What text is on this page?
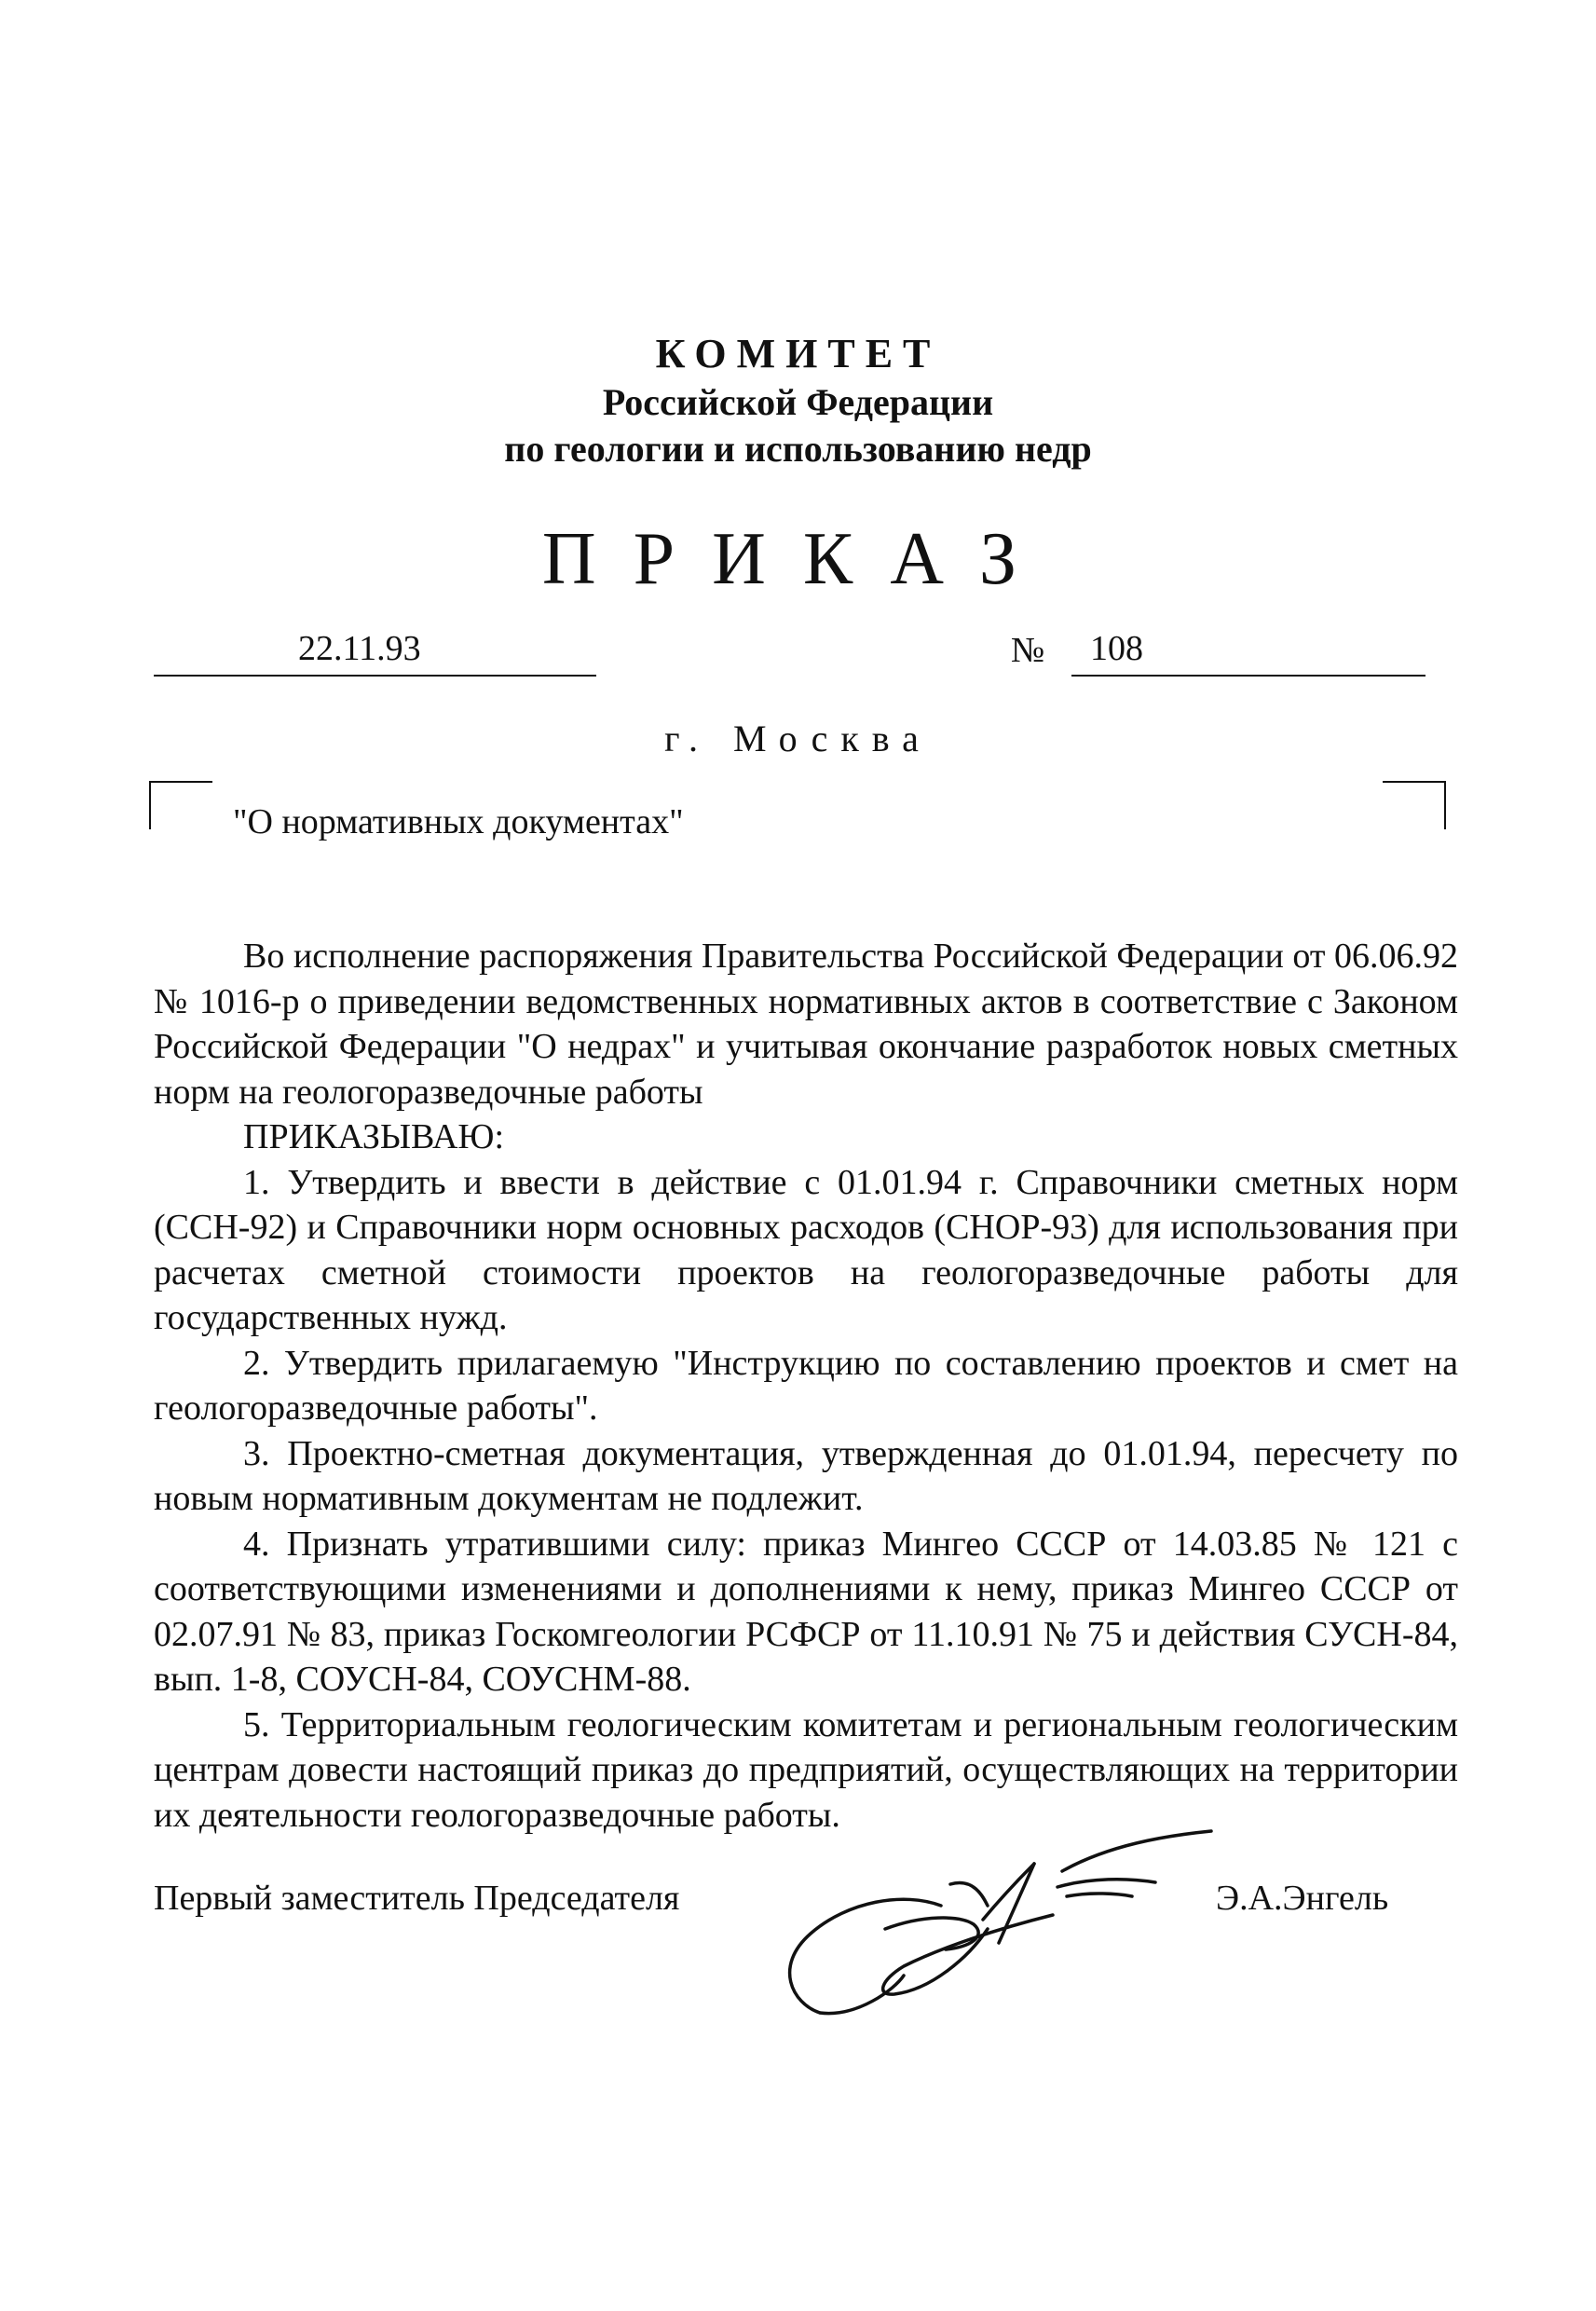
КОМИТЕТ
Российской Федерации
по геологии и использованию недр
ПРИКАЗ
22.11.93	№ 108
г. Москва
"О нормативных документах"

Во исполнение распоряжения Правительства Российской Федерации от 06.06.92 № 1016-р о приведении ведомственных нормативных актов в соответствие с Законом Российской Федерации "О недрах" и учитывая окончание разработок новых сметных норм на геологоразведочные работы

ПРИКАЗЫВАЮ:

1. Утвердить и ввести в действие с 01.01.94 г. Справочники сметных норм (ССН-92) и Справочники норм основных расходов (СНОР-93) для использования при расчетах сметной стоимости проектов на геологоразведочные работы для государственных нужд.

2. Утвердить прилагаемую "Инструкцию по составлению проектов и смет на геологоразведочные работы".

3. Проектно-сметная документация, утвержденная до 01.01.94, пересчету по новым нормативным документам не подлежит.

4. Признать утратившими силу: приказ Мингео СССР от 14.03.85 № 121 с соответствующими изменениями и дополнениями к нему, приказ Мингео СССР от 02.07.91 № 83, приказ Госкомгеологии РСФСР от 11.10.91 № 75 и действия СУСН-84, вып. 1-8, СОУСН-84, СОУСНМ-88.

5. Территориальным геологическим комитетам и региональным геологическим центрам довести настоящий приказ до предприятий, осуществляющих на территории их деятельности геологоразведочные работы.

Первый заместитель Председателя	Э.А.Энгель
